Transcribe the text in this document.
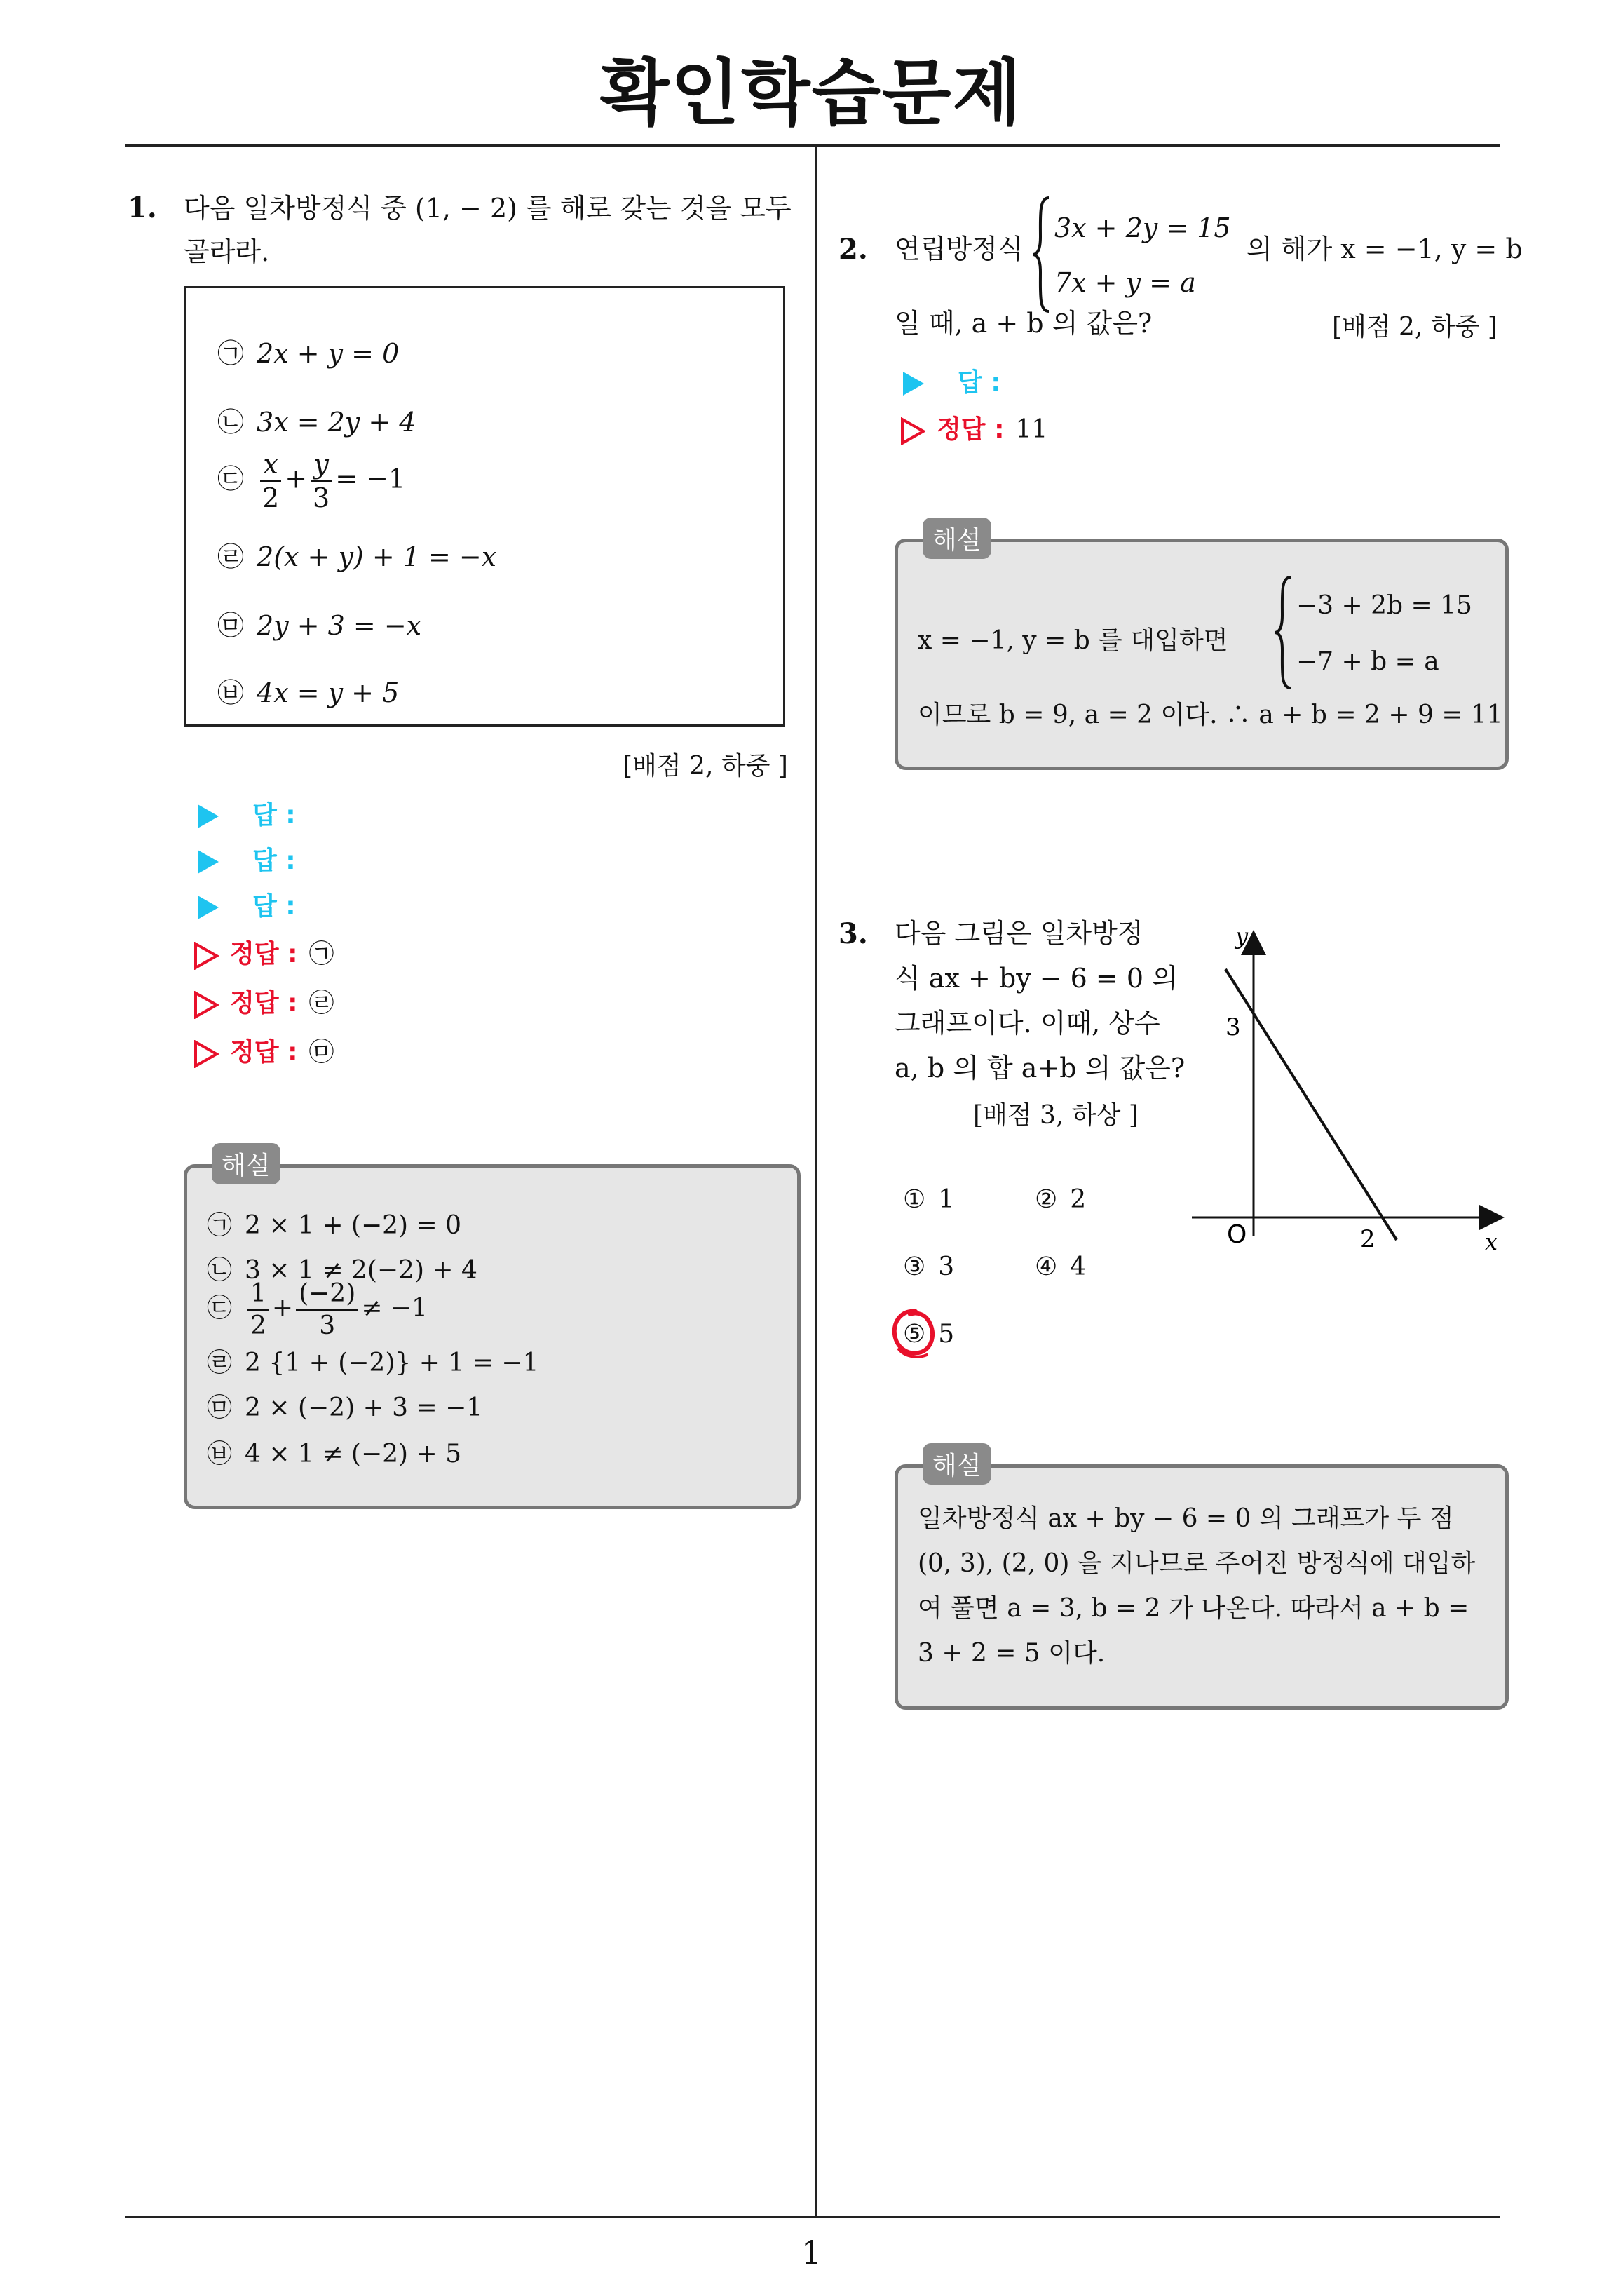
확인학습문제
1
1. 다음 일차방정식 중 (1, − 2) 를 해로 갖는 것을 모두
골라라.
㉠ 2x + y = 0
㉡ 3x = 2y + 4
㉢ $\frac{x}{2} + \frac{y}{3} = -1$
㉣ 2(x + y) + 1 = −x
㉤ 2y + 3 = −x
㉥ 4x = y + 5
[배점 2, 하중 ]
답 :
답 :
답 :
정답 : ㉠
정답 : ㉣
정답 : ㉤
㉠ 2 × 1 + (−2) = 0
㉡ 3 × 1 ≠ 2(−2) + 4
㉢ $\frac{1}{2} + \frac{(-2)}{3} \ne -1$
㉣ 2 {1 + (−2)} + 1 = −1
㉤ 2 × (−2) + 3 = −1
㉥ 4 × 1 ≠ (−2) + 5
해설
2. 연립방정식
3x + 2y = 15
7x + y = a
의 해가 x = −1, y = b
일 때, a + b 의 값은?	[배점 2, 하중 ]
답 :
정답 : 11
x = −1, y = b 를 대입하면
−3 + 2b = 15
−7 + b = a
이므로 b = 9, a = 2 이다. ∴ a + b = 2 + 9 = 11
해설
3. 다음 그림은 일차방정
식 ax + by − 6 = 0 의
그래프이다. 이때, 상수
a, b 의 합 a+b 의 값은?
[배점 3, 하상 ]
① 1	② 2
③ 3	④ 4
⑤ 5
y
x
O
3
2
일차방정식 ax + by − 6 = 0 의 그래프가 두 점
(0, 3), (2, 0) 을 지나므로 주어진 방정식에 대입하
여 풀면 a = 3, b = 2 가 나온다. 따라서 a + b =
3 + 2 = 5 이다.
해설
